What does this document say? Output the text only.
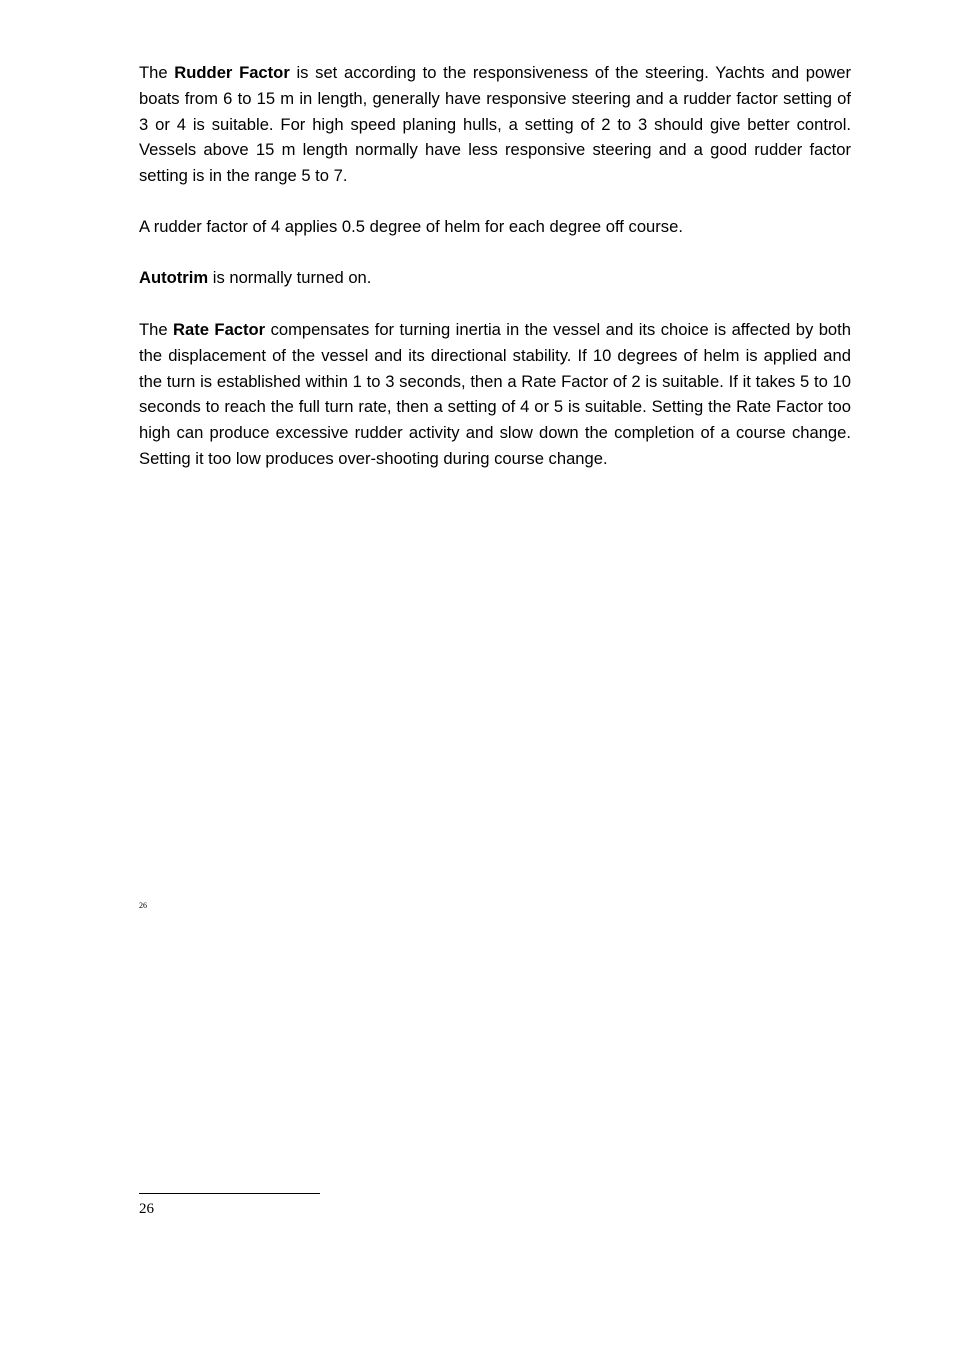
The Rudder Factor is set according to the responsiveness of the steering. Yachts and power boats from 6 to 15 m in length, generally have responsive steering and a rudder factor setting of 3 or 4 is suitable. For high speed planing hulls, a setting of 2 to 3 should give better control. Vessels above 15 m length normally have less responsive steering and a good rudder factor setting is in the range 5 to 7.

A rudder factor of 4 applies 0.5 degree of helm for each degree off course.

Autotrim is normally turned on.

The Rate Factor compensates for turning inertia in the vessel and its choice is affected by both the displacement of the vessel and its directional stability. If 10 degrees of helm is applied and the turn is established within 1 to 3 seconds, then a Rate Factor of 2 is suitable. If it takes 5 to 10 seconds to reach the full turn rate, then a setting of 4 or 5 is suitable. Setting the Rate Factor too high can produce excessive rudder activity and slow down the completion of a course change. Setting it too low produces over-shooting during course change.

26
26
